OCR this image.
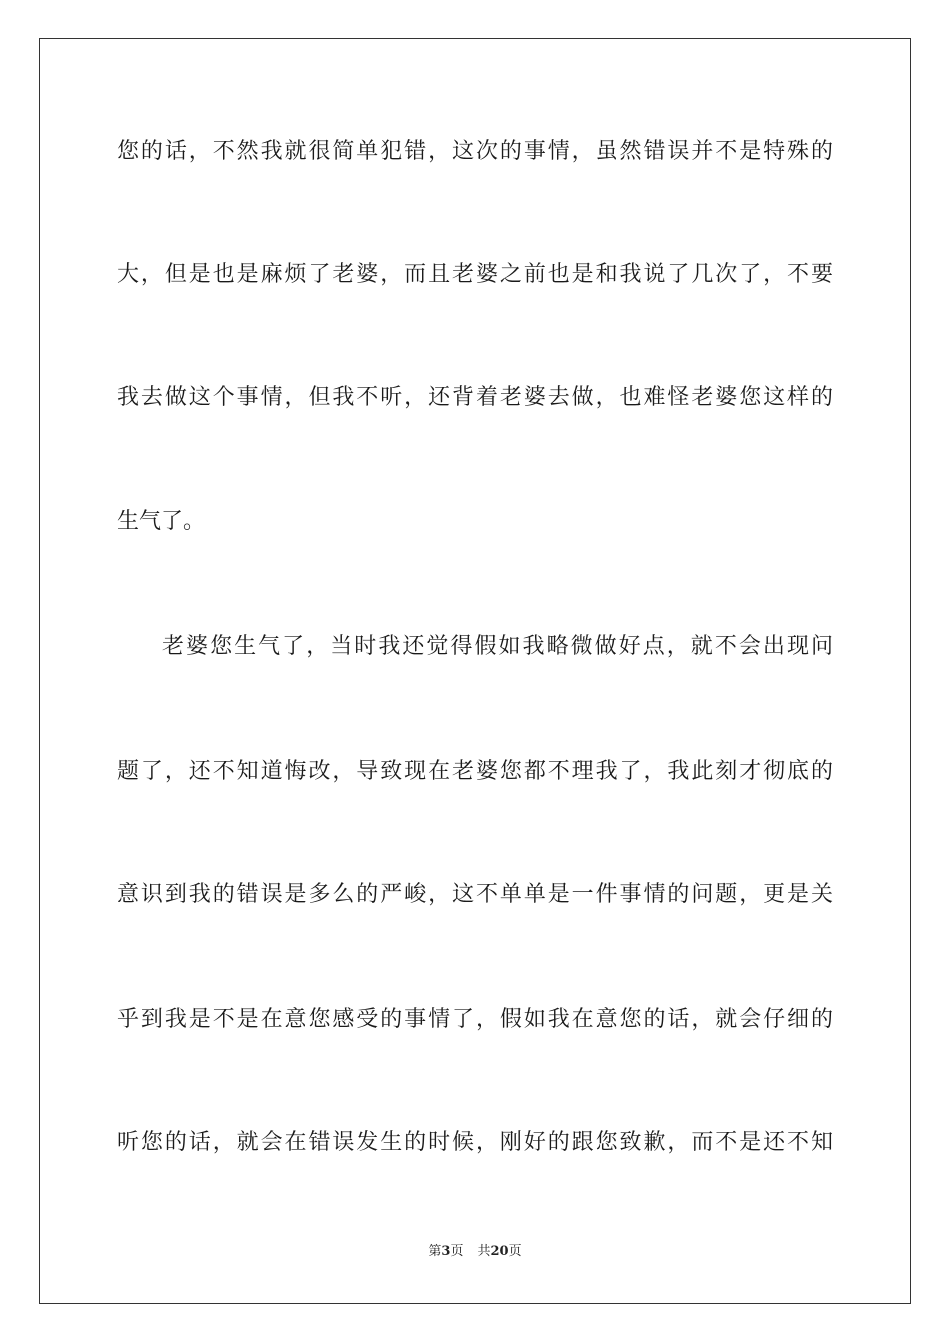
您的话，不然我就很简单犯错，这次的事情，虽然错误并不是特殊的
大，但是也是麻烦了老婆，而且老婆之前也是和我说了几次了，不要
我去做这个事情，但我不听，还背着老婆去做，也难怪老婆您这样的
生气了。
老婆您生气了，当时我还觉得假如我略微做好点，就不会出现问
题了，还不知道悔改，导致现在老婆您都不理我了，我此刻才彻底的
意识到我的错误是多么的严峻，这不单单是一件事情的问题，更是关
乎到我是不是在意您感受的事情了，假如我在意您的话，就会仔细的
听您的话，就会在错误发生的时候，刚好的跟您致歉，而不是还不知
第3页 共20页
